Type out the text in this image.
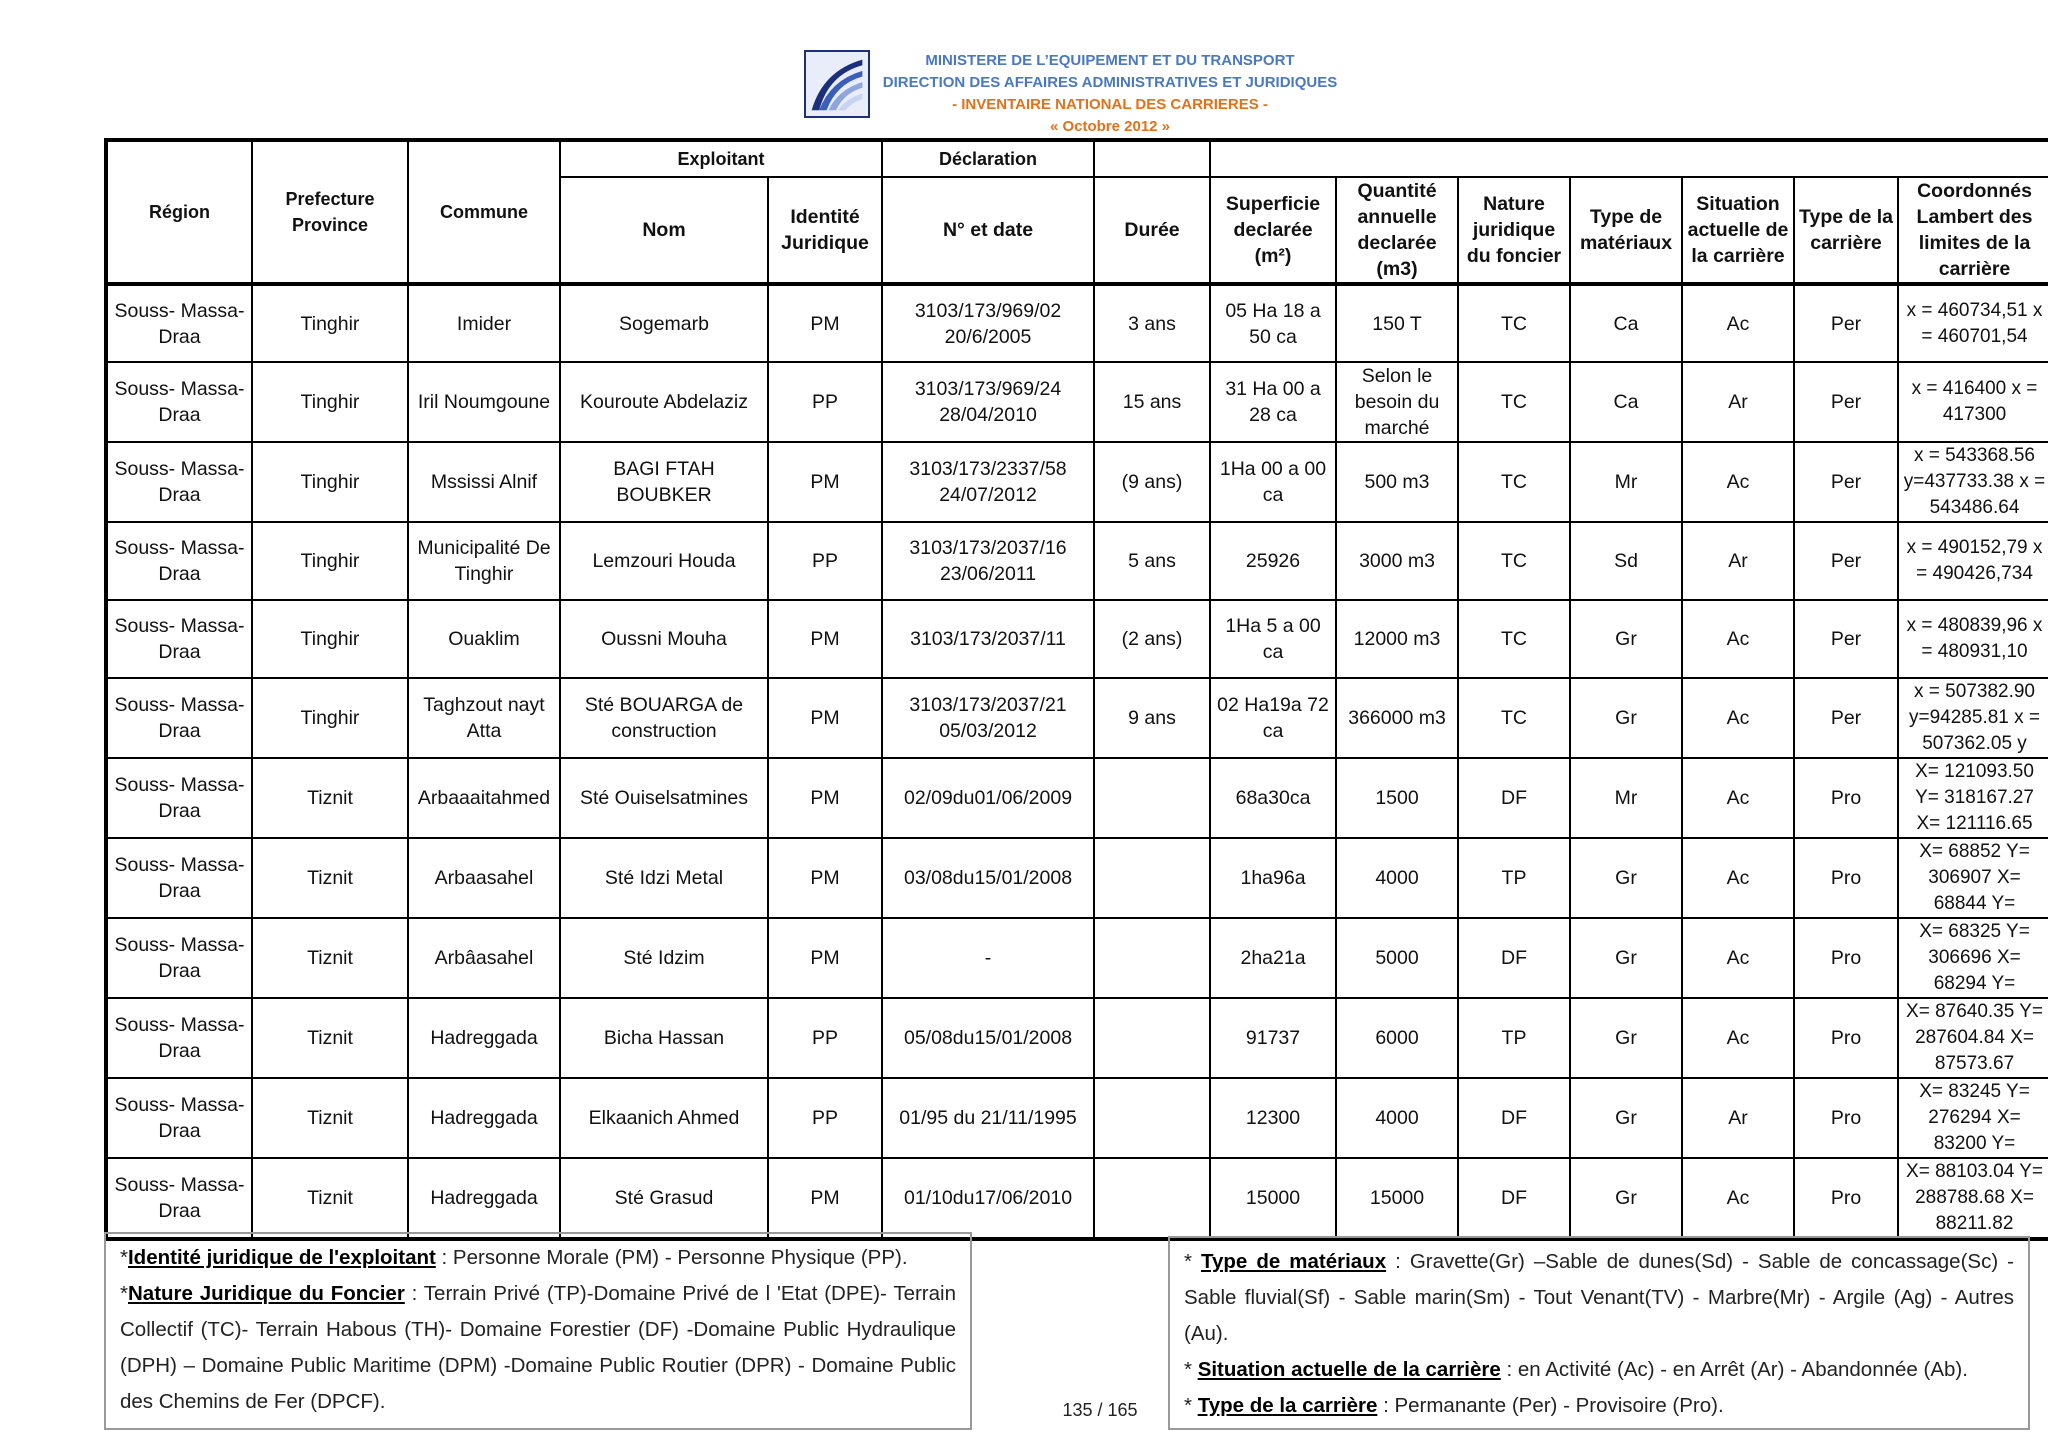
MINISTERE DE L’EQUIPEMENT ET DU TRANSPORT
DIRECTION DES AFFAIRES ADMINISTRATIVES ET JURIDIQUES
- INVENTAIRE NATIONAL DES CARRIERES -
« Octobre 2012 »
Région	Prefecture Province	Commune	Exploitant		Déclaration								
			Nom	Identité Juridique	N° et date	Durée	Superficie declarée (m²)	Quantité annuelle declarée (m3)	Nature juridique du foncier	Type de matériaux	Situation actuelle de la carrière	Type de la carrière	Coordonnés Lambert des limites de la carrière
Souss- Massa- Draa	Tinghir	Imider	Sogemarb	PM	3103/173/969/02 20/6/2005	3 ans	05 Ha 18 a 50 ca	150 T	TC	Ca	Ac	Per	x = 460734,51 x = 460701,54
Souss- Massa- Draa	Tinghir	Iril Noumgoune	Kouroute Abdelaziz	PP	3103/173/969/24 28/04/2010	15 ans	31 Ha 00 a 28 ca	Selon le besoin du marché	TC	Ca	Ar	Per	x = 416400 x = 417300
Souss- Massa- Draa	Tinghir	Mssissi Alnif	BAGI FTAH BOUBKER	PM	3103/173/2337/58 24/07/2012	(9 ans)	1Ha 00 a 00 ca	500 m3	TC	Mr	Ac	Per	x = 543368.56 y=437733.38 x = 543486.64
Souss- Massa- Draa	Tinghir	Municipalité De Tinghir	Lemzouri Houda	PP	3103/173/2037/16 23/06/2011	5 ans	25926	3000 m3	TC	Sd	Ar	Per	x = 490152,79 x = 490426,734
Souss- Massa- Draa	Tinghir	Ouaklim	Oussni Mouha	PM	3103/173/2037/11	(2 ans)	1Ha 5 a 00 ca	12000 m3	TC	Gr	Ac	Per	x = 480839,96 x = 480931,10
Souss- Massa- Draa	Tinghir	Taghzout nayt Atta	Sté BOUARGA de construction	PM	3103/173/2037/21 05/03/2012	9 ans	02 Ha19a 72 ca	366000 m3	TC	Gr	Ac	Per	x = 507382.90 y=94285.81 x = 507362.05 y
Souss- Massa- Draa	Tiznit	Arbaaaitahmed	Sté Ouiselsatmines	PM	02/09du01/06/2009		68a30ca	1500	DF	Mr	Ac	Pro	X= 121093.50 Y= 318167.27 X= 121116.65
Souss- Massa- Draa	Tiznit	Arbaasahel	Sté Idzi Metal	PM	03/08du15/01/2008		1ha96a	4000	TP	Gr	Ac	Pro	X= 68852 Y= 306907 X= 68844 Y=
Souss- Massa- Draa	Tiznit	Arbâasahel	Sté Idzim	PM	-		2ha21a	5000	DF	Gr	Ac	Pro	X= 68325 Y= 306696 X= 68294 Y=
Souss- Massa- Draa	Tiznit	Hadreggada	Bicha Hassan	PP	05/08du15/01/2008		91737	6000	TP	Gr	Ac	Pro	X= 87640.35 Y= 287604.84 X= 87573.67
Souss- Massa- Draa	Tiznit	Hadreggada	Elkaanich Ahmed	PP	01/95 du 21/11/1995		12300	4000	DF	Gr	Ar	Pro	X= 83245 Y= 276294 X= 83200 Y=
Souss- Massa- Draa	Tiznit	Hadreggada	Sté Grasud	PM	01/10du17/06/2010		15000	15000	DF	Gr	Ac	Pro	X= 88103.04 Y= 288788.68 X= 88211.82

*Identité juridique de l'exploitant : Personne Morale (PM) - Personne Physique (PP).

*Nature Juridique du Foncier : Terrain Privé (TP)-Domaine Privé de l 'Etat (DPE)- Terrain Collectif (TC)- Terrain Habous (TH)- Domaine Forestier (DF) -Domaine Public Hydraulique (DPH) – Domaine Public Maritime (DPM) -Domaine Public Routier (DPR) - Domaine Public des Chemins de Fer (DPCF).

* Type de matériaux : Gravette(Gr) –Sable de dunes(Sd) - Sable de concassage(Sc) - Sable fluvial(Sf) - Sable marin(Sm) - Tout Venant(TV) - Marbre(Mr) - Argile (Ag) - Autres (Au).

* Situation actuelle de la carrière : en Activité (Ac) - en Arrêt (Ar) - Abandonnée (Ab).

* Type de la carrière : Permanante (Per) - Provisoire (Pro).

135 / 165
